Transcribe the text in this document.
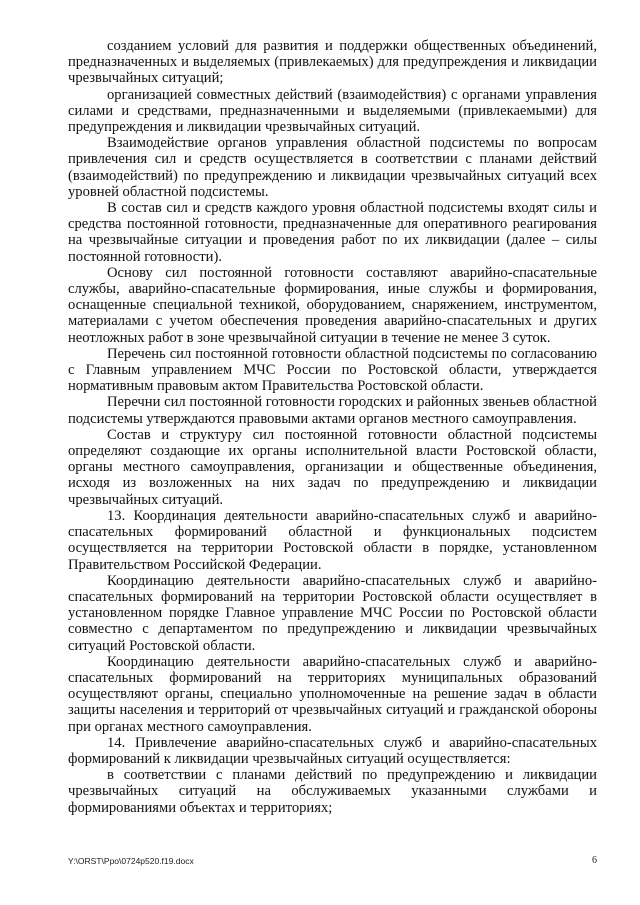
созданием условий для развития и поддержки общественных объединений, предназначенных и выделяемых (привлекаемых) для предупреждения и ликвидации чрезвычайных ситуаций;

организацией совместных действий (взаимодействия) с органами управления силами и средствами, предназначенными и выделяемыми (привлекаемыми) для предупреждения и ликвидации чрезвычайных ситуаций.

Взаимодействие органов управления областной подсистемы по вопросам привлечения сил и средств осуществляется в соответствии с планами действий (взаимодействий) по предупреждению и ликвидации чрезвычайных ситуаций всех уровней областной подсистемы.

В состав сил и средств каждого уровня областной подсистемы входят силы и средства постоянной готовности, предназначенные для оперативного реагирования на чрезвычайные ситуации и проведения работ по их ликвидации (далее – силы постоянной готовности).

Основу сил постоянной готовности составляют аварийно-спасательные службы, аварийно-спасательные формирования, иные службы и формирования, оснащенные специальной техникой, оборудованием, снаряжением, инструментом, материалами с учетом обеспечения проведения аварийно-спасательных и других неотложных работ в зоне чрезвычайной ситуации в течение не менее 3 суток.

Перечень сил постоянной готовности областной подсистемы по согласованию с Главным управлением МЧС России по Ростовской области, утверждается нормативным правовым актом Правительства Ростовской области.

Перечни сил постоянной готовности городских и районных звеньев областной подсистемы утверждаются правовыми актами органов местного самоуправления.

Состав и структуру сил постоянной готовности областной подсистемы определяют создающие их органы исполнительной власти Ростовской области, органы местного самоуправления, организации и общественные объединения, исходя из возложенных на них задач по предупреждению и ликвидации чрезвычайных ситуаций.

13. Координация деятельности аварийно-спасательных служб и аварийно-спасательных формирований областной и функциональных подсистем осуществляется на территории Ростовской области в порядке, установленном Правительством Российской Федерации.

Координацию деятельности аварийно-спасательных служб и аварийно-спасательных формирований на территории Ростовской области осуществляет в установленном порядке Главное управление МЧС России по Ростовской области совместно с департаментом по предупреждению и ликвидации чрезвычайных ситуаций Ростовской области.

Координацию деятельности аварийно-спасательных служб и аварийно-спасательных формирований на территориях муниципальных образований осуществляют органы, специально уполномоченные на решение задач в области защиты населения и территорий от чрезвычайных ситуаций и гражданской обороны при органах местного самоуправления.

14. Привлечение аварийно-спасательных служб и аварийно-спасательных формирований к ликвидации чрезвычайных ситуаций осуществляется:

в соответствии с планами действий по предупреждению и ликвидации чрезвычайных ситуаций на обслуживаемых указанными службами и формированиями объектах и территориях;

Y:\ORST\Ppo\0724p520.f19.docx	6
